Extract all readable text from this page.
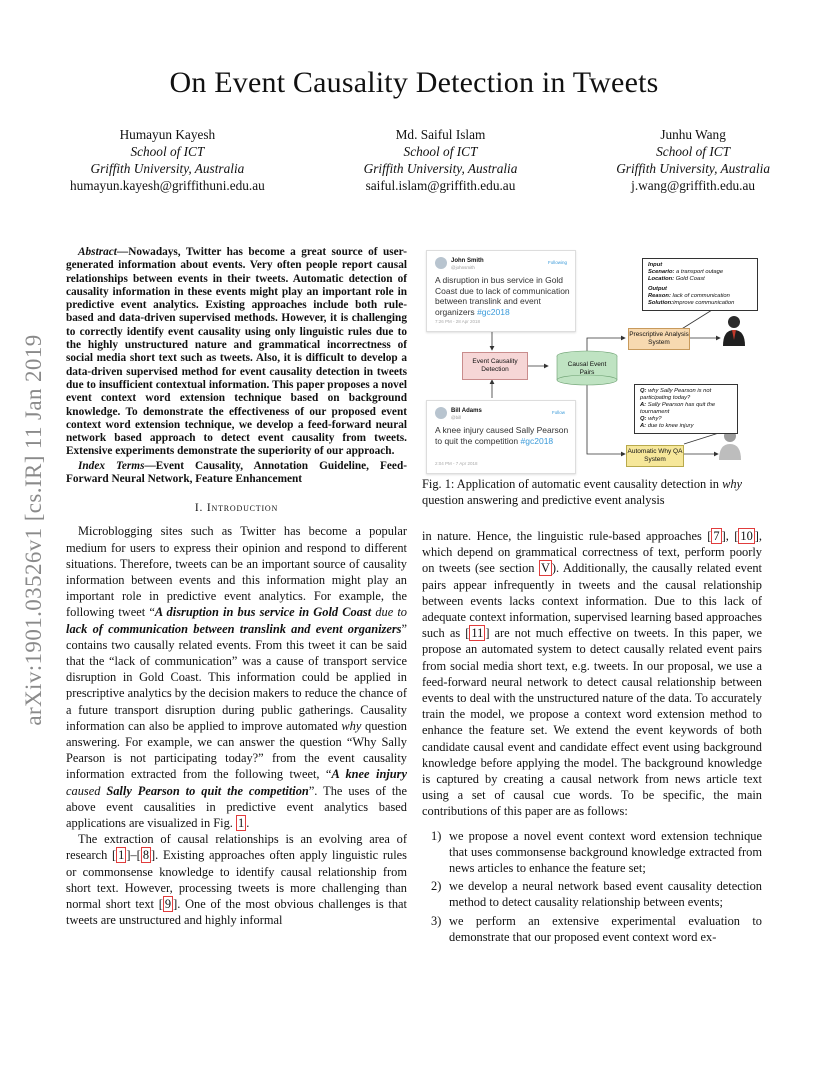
arXiv:1901.03526v1 [cs.IR] 11 Jan 2019
On Event Causality Detection in Tweets
Humayun Kayesh
School of ICT
Griffith University, Australia
humayun.kayesh@griffithuni.edu.au
Md. Saiful Islam
School of ICT
Griffith University, Australia
saiful.islam@griffith.edu.au
Junhu Wang
School of ICT
Griffith University, Australia
j.wang@griffith.edu.au

Abstract—Nowadays, Twitter has become a great source of user-generated information about events. Very often people report causal relationships between events in their tweets. Automatic detection of causality information in these events might play an important role in predictive event analytics. Existing approaches include both rule-based and data-driven supervised methods. However, it is challenging to correctly identify event causality using only linguistic rules due to the highly unstructured nature and grammatical incorrectness of social media short text such as tweets. Also, it is difficult to develop a data-driven supervised method for event causality detection in tweets due to insufficient contextual information. This paper proposes a novel event context word extension technique based on background knowledge. To demonstrate the effectiveness of our proposed event context word extension technique, we develop a feed-forward neural network based approach to detect event causality from tweets. Extensive experiments demonstrate the superiority of our approach.

Index Terms—Event Causality, Annotation Guideline, Feed-Forward Neural Network, Feature Enhancement

I. Introduction

Microblogging sites such as Twitter has become a popular medium for users to express their opinion and respond to different situations. Therefore, tweets can be an important source of causality information between events and this information might play an important role in predictive event analytics. For example, the following tweet “A disruption in bus service in Gold Coast due to lack of communication between translink and event organizers” contains two causally related events. From this tweet it can be said that the “lack of communication” was a cause of transport service disruption in Gold Coast. This information could be applied in prescriptive analytics by the decision makers to reduce the chance of a future transport disruption during public gatherings. Causality information can also be applied to improve automated why question answering. For example, we can answer the question “Why Sally Pearson is not participating today?” from the event causality information extracted from the following tweet, “A knee injury caused Sally Pearson to quit the competition”. The uses of the above event causalities in predictive event analytics based applications are visualized in Fig. 1 .

The extraction of causal relationships is an evolving area of research [ 1 ]–[ 8 ]. Existing approaches often apply linguistic rules or commonsense knowledge to identify causal relationship from short text. However, processing tweets is more challenging than normal short text [ 9 ]. One of the most obvious challenges is that tweets are unstructured and highly informal

John Smith
@johnsmith
Following
A disruption in bus service in Gold Coast due to lack of communication between translink and event organizers #gc2018
7:26 PM - 28 Apr 2018
Bill Adams
@bill
Follow
A knee injury caused Sally Pearson to quit the competition #gc2018
2:04 PM - 7 Apr 2018
Event Causality Detection
Causal Event Pairs
Prescriptive Analysis System
Automatic Why QA System
Input
Scenario: a transport outage
Location: Gold Coast
Output
Reason: lack of communication
Solution:improve communication
Q: why Sally Pearson is not participating today?
A: Sally Pearson has quit the tournament
Q: why?
A: due to knee injury
Fig. 1: Application of automatic event causality detection in why question answering and predictive event analysis

in nature. Hence, the linguistic rule-based approaches [ 7 ], [ 10 ], which depend on grammatical correctness of text, perform poorly on tweets (see section V ). Additionally, the causally related event pairs appear infrequently in tweets and the causal relationship between events lacks context information. Due to this lack of adequate context information, supervised learning based approaches such as [ 11 ] are not much effective on tweets. In this paper, we propose an automated system to detect causally related event pairs from social media short text, e.g. tweets. In our proposal, we use a feed-forward neural network to detect causal relationship between events to deal with the unstructured nature of the data. To accurately train the model, we propose a context word extension method to enhance the feature set. We extend the event keywords of both candidate causal event and candidate effect event using background knowledge before applying the model. The background knowledge is captured by creating a causal network from news article text using a set of causal cue words. To be specific, the main contributions of this paper are as follows:

1) we propose a novel event context word extension technique that uses commonsense background knowledge extracted from news articles to enhance the feature set;
2) we develop a neural network based event causality detection method to detect causality relationship between events;
3) we perform an extensive experimental evaluation to demonstrate that our proposed event context word ex-
